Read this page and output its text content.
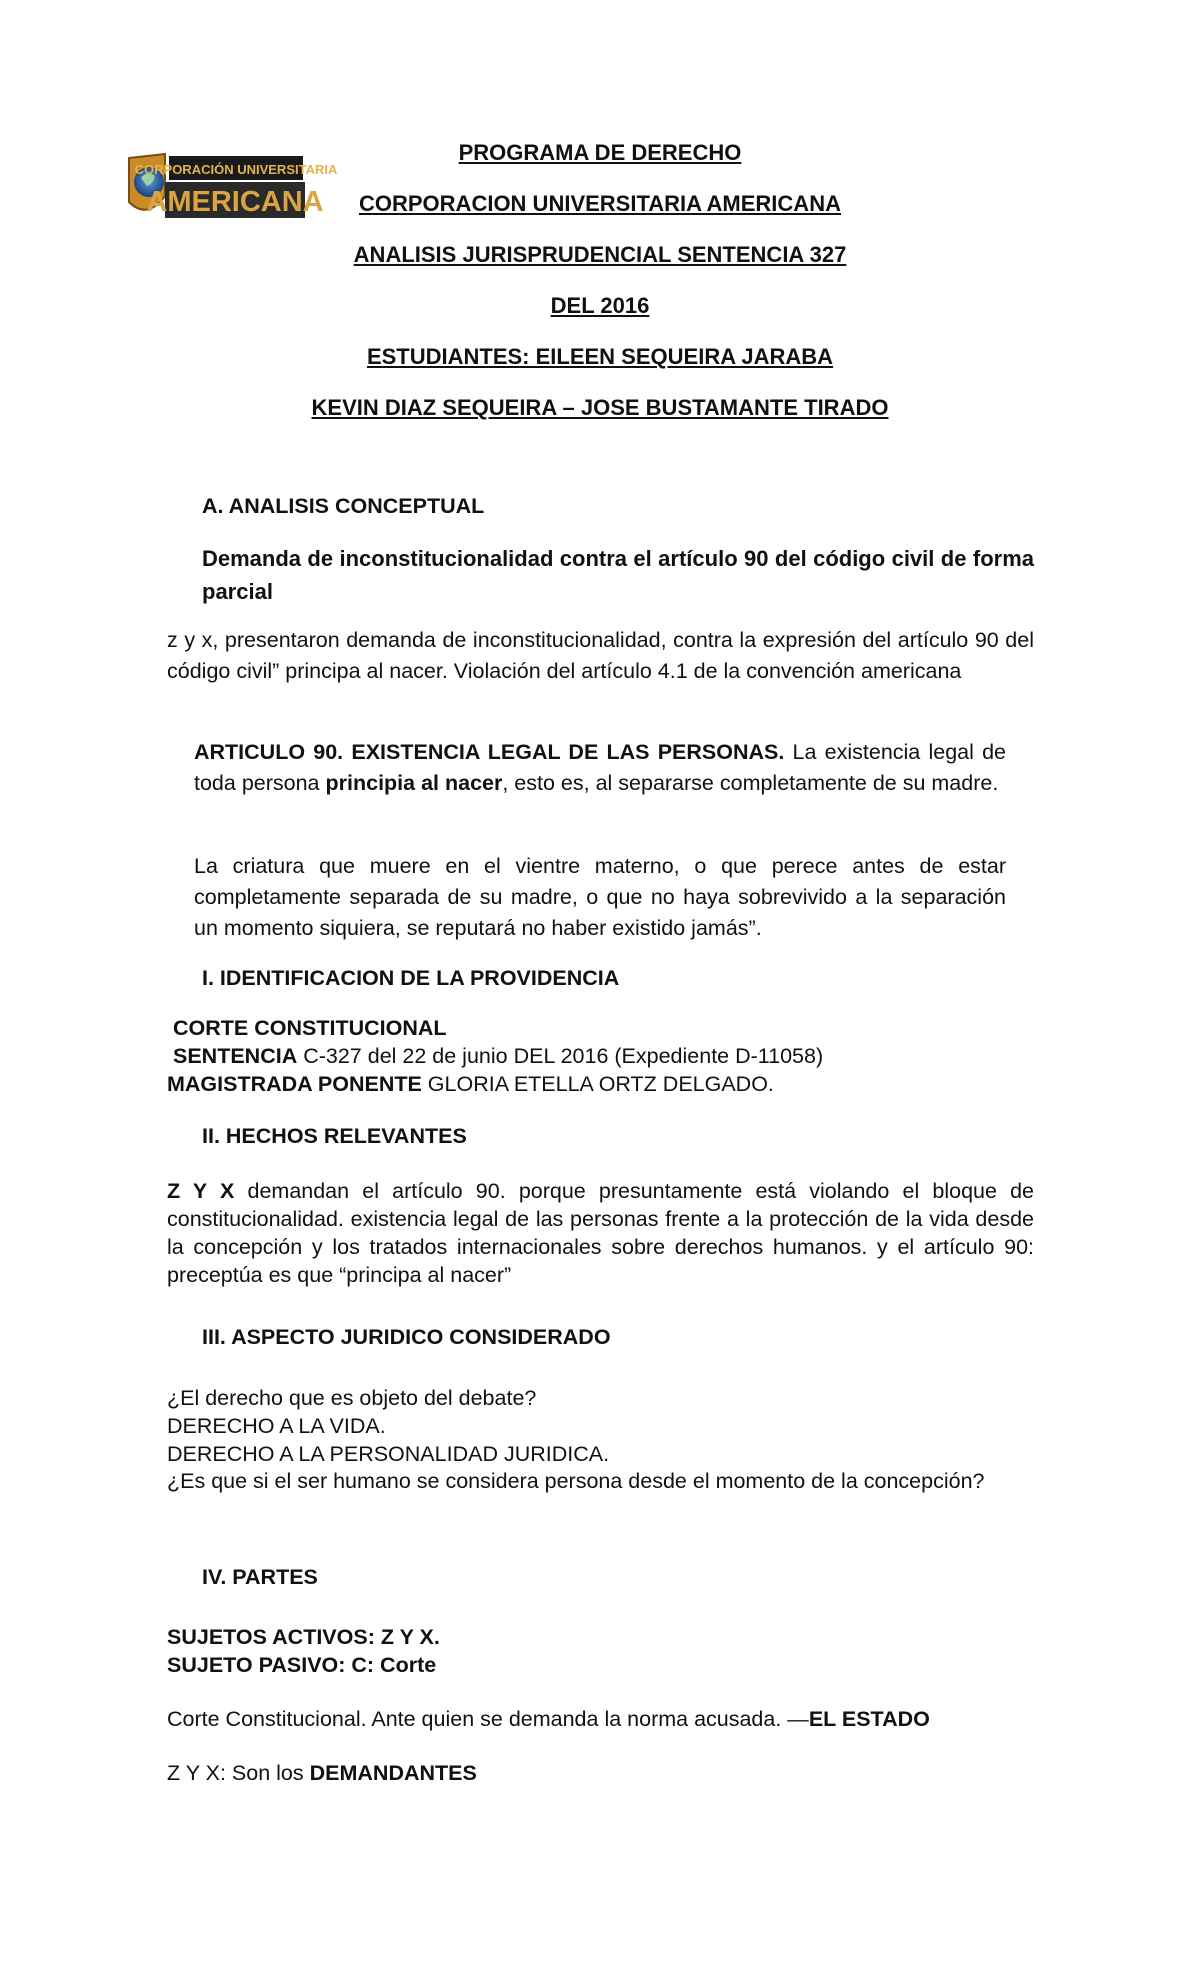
CORPORACIÓN UNIVERSITARIA
AMERICANA
PROGRAMA DE DERECHO
CORPORACION UNIVERSITARIA AMERICANA
ANALISIS JURISPRUDENCIAL SENTENCIA 327
DEL 2016
ESTUDIANTES: EILEEN SEQUEIRA JARABA
KEVIN DIAZ SEQUEIRA – JOSE BUSTAMANTE TIRADO
A. ANALISIS CONCEPTUAL

Demanda de inconstitucionalidad contra el artículo 90 del código civil de forma parcial

z y x, presentaron demanda de inconstitucionalidad, contra la expresión del artículo 90 del código civil” principa al nacer. Violación del artículo 4.1 de la convención americana

ARTICULO 90. EXISTENCIA LEGAL DE LAS PERSONAS. La existencia legal de toda persona principia al nacer, esto es, al separarse completamente de su madre.

La criatura que muere en el vientre materno, o que perece antes de estar completamente separada de su madre, o que no haya sobrevivido a la separación un momento siquiera, se reputará no haber existido jamás”.

I. IDENTIFICACION DE LA PROVIDENCIA

CORTE CONSTITUCIONAL
SENTENCIA C-327 del 22 de junio DEL 2016 (Expediente D-11058)
MAGISTRADA PONENTE GLORIA ETELLA ORTZ DELGADO.

II. HECHOS RELEVANTES

Z Y X demandan el artículo 90. porque presuntamente está violando el bloque de constitucionalidad. existencia legal de las personas frente a la protección de la vida desde la concepción y los tratados internacionales sobre derechos humanos. y el artículo 90: preceptúa es que “principa al nacer”

III. ASPECTO JURIDICO CONSIDERADO

¿El derecho que es objeto del debate?

DERECHO A LA VIDA.

DERECHO A LA PERSONALIDAD JURIDICA.

¿Es que si el ser humano se considera persona desde el momento de la concepción?

IV. PARTES

SUJETOS ACTIVOS: Z Y X.

SUJETO PASIVO: C: Corte

Corte Constitucional. Ante quien se demanda la norma acusada. —EL ESTADO

Z Y X: Son los DEMANDANTES
